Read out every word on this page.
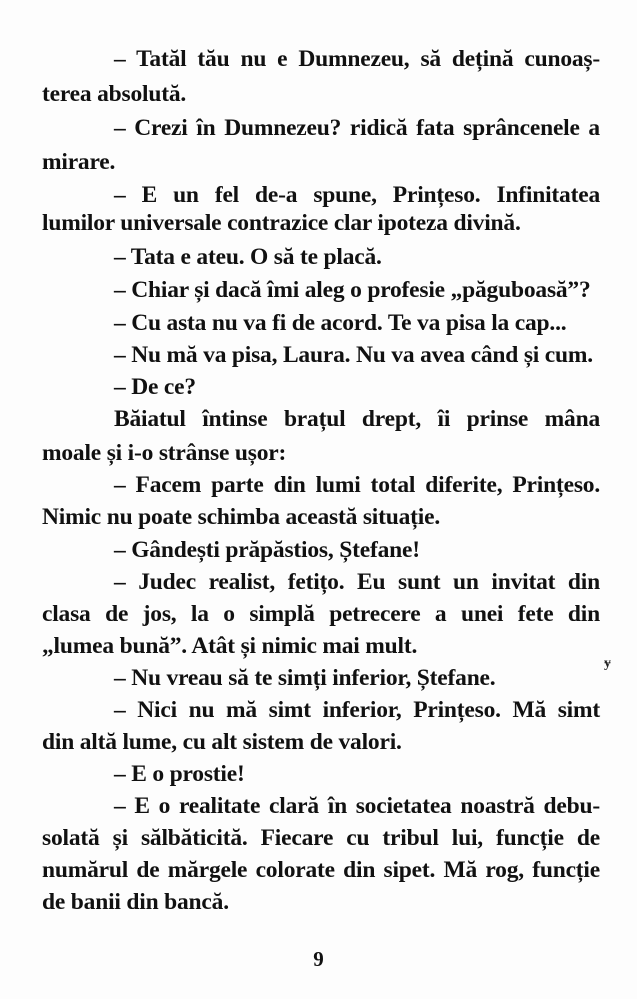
– Tatăl tău nu e Dumnezeu, să dețină cunoaș-
terea absolută.
– Crezi în Dumnezeu? ridică fata sprâncenele a
mirare.
– E un fel de-a spune, Prințeso. Infinitatea
lumilor universale contrazice clar ipoteza divină.
– Tata e ateu. O să te placă.
– Chiar și dacă îmi aleg o profesie „păguboasă”?
– Cu asta nu va fi de acord. Te va pisa la cap...
– Nu mă va pisa, Laura. Nu va avea când și cum.
– De ce?
Băiatul întinse brațul drept, îi prinse mâna
moale și i-o strânse ușor:
– Facem parte din lumi total diferite, Prințeso.
Nimic nu poate schimba această situație.
– Gândești prăpăstios, Ștefane!
– Judec realist, fetițo. Eu sunt un invitat din
clasa de jos, la o simplă petrecere a unei fete din
„lumea bună”. Atât și nimic mai mult.
– Nu vreau să te simți inferior, Ștefane.
– Nici nu mă simt inferior, Prințeso. Mă simt
din altă lume, cu alt sistem de valori.
– E o prostie!
– E o realitate clară în societatea noastră debu-
solată și sălbăticită. Fiecare cu tribul lui, funcție de
numărul de mărgele colorate din sipet. Mă rog, funcție
de banii din bancă.
ɏ
9
